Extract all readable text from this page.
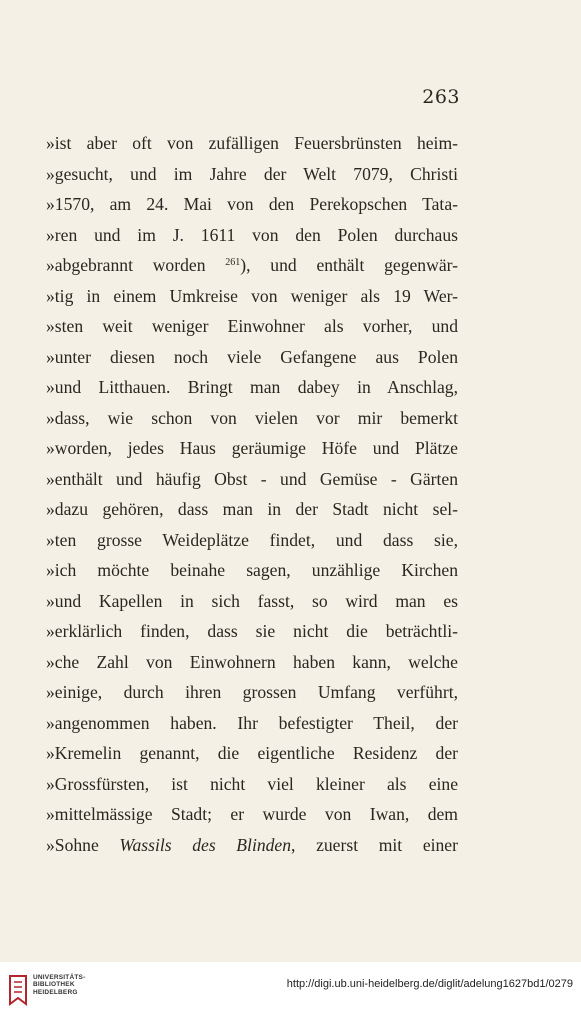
263
»ist aber oft von zufälligen Feuersbrünsten heim-
»gesucht, und im Jahre der Welt 7079, Christi
»1570, am 24. Mai von den Perekopschen Tata-
»ren und im J. 1611 von den Polen durchaus
»abgebrannt worden $^{261}$), und enthält gegenwär-
»tig in einem Umkreise von weniger als 19 Wer-
»sten weit weniger Einwohner als vorher, und
»unter diesen noch viele Gefangene aus Polen
»und Litthauen. Bringt man dabey in Anschlag,
»dass, wie schon von vielen vor mir bemerkt
»worden, jedes Haus geräumige Höfe und Plätze
»enthält und häufig Obst - und Gemüse - Gärten
»dazu gehören, dass man in der Stadt nicht sel-
»ten grosse Weideplätze findet, und dass sie,
»ich möchte beinahe sagen, unzählige Kirchen
»und Kapellen in sich fasst, so wird man es
»erklärlich finden, dass sie nicht die beträchtli-
»che Zahl von Einwohnern haben kann, welche
»einige, durch ihren grossen Umfang verführt,
»angenommen haben. Ihr befestigter Theil, der
»Kremelin genannt, die eigentliche Residenz der
»Grossfürsten, ist nicht viel kleiner als eine
»mittelmässige Stadt; er wurde von Iwan, dem
»Sohne Wassils des Blinden, zuerst mit einer
UNIVERSITÄTS-
BIBLIOTHEK
HEIDELBERG
http://digi.ub.uni-heidelberg.de/diglit/adelung1627bd1/0279
